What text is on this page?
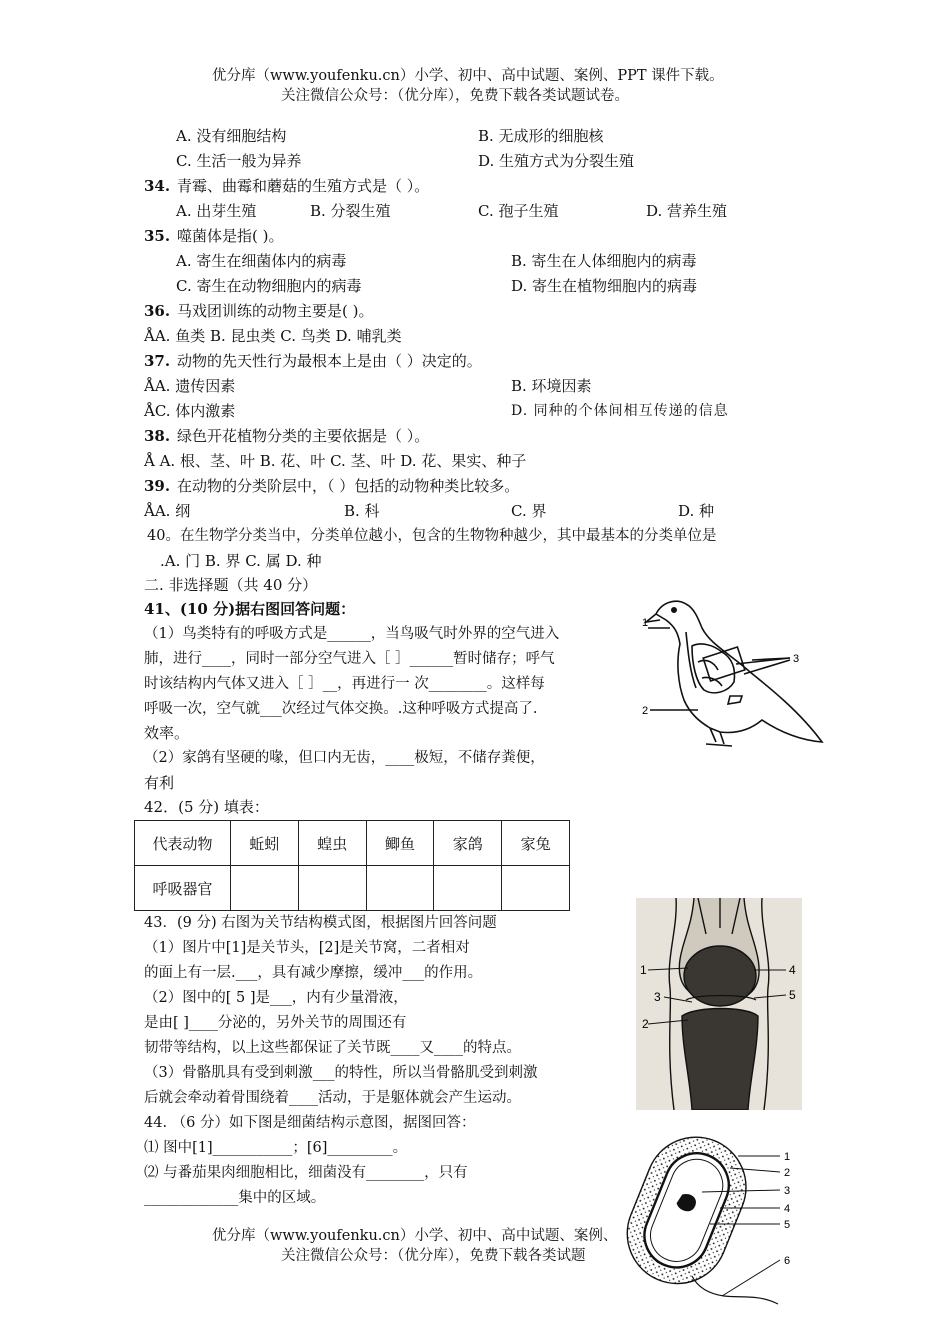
优分库（www.youfenku.cn）小学、初中、高中试题、案例、PPT 课件下载。
关注微信公众号：（优分库），免费下载各类试题试卷。
A. 没有细胞结构	B. 无成形的细胞核
C. 生活一般为异养	D. 生殖方式为分裂生殖
34. 青霉、曲霉和蘑菇的生殖方式是（ ）。
A. 出芽生殖	B. 分裂生殖	C. 孢子生殖	D. 营养生殖
35. 噬菌体是指( )。
A. 寄生在细菌体内的病毒	B. 寄生在人体细胞内的病毒
C. 寄生在动物细胞内的病毒	D. 寄生在植物细胞内的病毒
36. 马戏团训练的动物主要是( )。
ÅA. 鱼类 B. 昆虫类 C. 鸟类 D. 哺乳类
37. 动物的先天性行为最根本上是由（ ）决定的。
ÅA. 遗传因素	B. 环境因素
ÅC. 体内激素	D. 同种的个体间相互传递的信息
38. 绿色开花植物分类的主要依据是（ ）。
Å A. 根、茎、叶 B. 花、叶 C. 茎、叶 D. 花、果实、种子
39. 在动物的分类阶层中，（ ）包括的动物种类比较多。
ÅA. 纲	B. 科	C. 界	D. 种
40。在生物学分类当中，分类单位越小，包含的生物物种越少，其中最基本的分类单位是
.A. 门 B. 界 C. 属 D. 种
二. 非选择题（共 40 分）
41、(10 分)据右图回答问题：
（1）鸟类特有的呼吸方式是______，当鸟吸气时外界的空气进入
肺，进行____，同时一部分空气进入［ ］______暂时储存；呼气
时该结构内气体又进入［ ］__，再进行一 次________。这样每
呼吸一次，空气就___次经过气体交换。.这种呼吸方式提高了.
效率。
（2）家鸽有坚硬的喙，但口内无齿，____极短，不储存粪便，
有利
1
2
3
42．(5 分) 填表：
代表动物	蚯蚓	蝗虫	鲫鱼	家鸽	家兔
呼吸器官					
43．(9 分) 右图为关节结构模式图，根据图片回答问题
（1）图片中[1]是关节头，[2]是关节窝，二者相对
的面上有一层.___，具有减少摩擦，缓冲___的作用。
（2）图中的[ 5 ]是___，内有少量滑液，
是由[ ]____分泌的，另外关节的周围还有
韧带等结构，以上这些都保证了关节既____又____的特点。
（3）骨骼肌具有受到刺激___的特性，所以当骨骼肌受到刺激
后就会牵动着骨围绕着____活动，于是躯体就会产生运动。
1
2
3
4
5
44. （6 分）如下图是细菌结构示意图，据图回答：
⑴ 图中[1]___________；[6]_________。
⑵ 与番茄果肉细胞相比，细菌没有________，只有
_____________集中的区域。
1
2
3
4
5
6
优分库（www.youfenku.cn）小学、初中、高中试题、案例、
关注微信公众号：（优分库），免费下载各类试题
